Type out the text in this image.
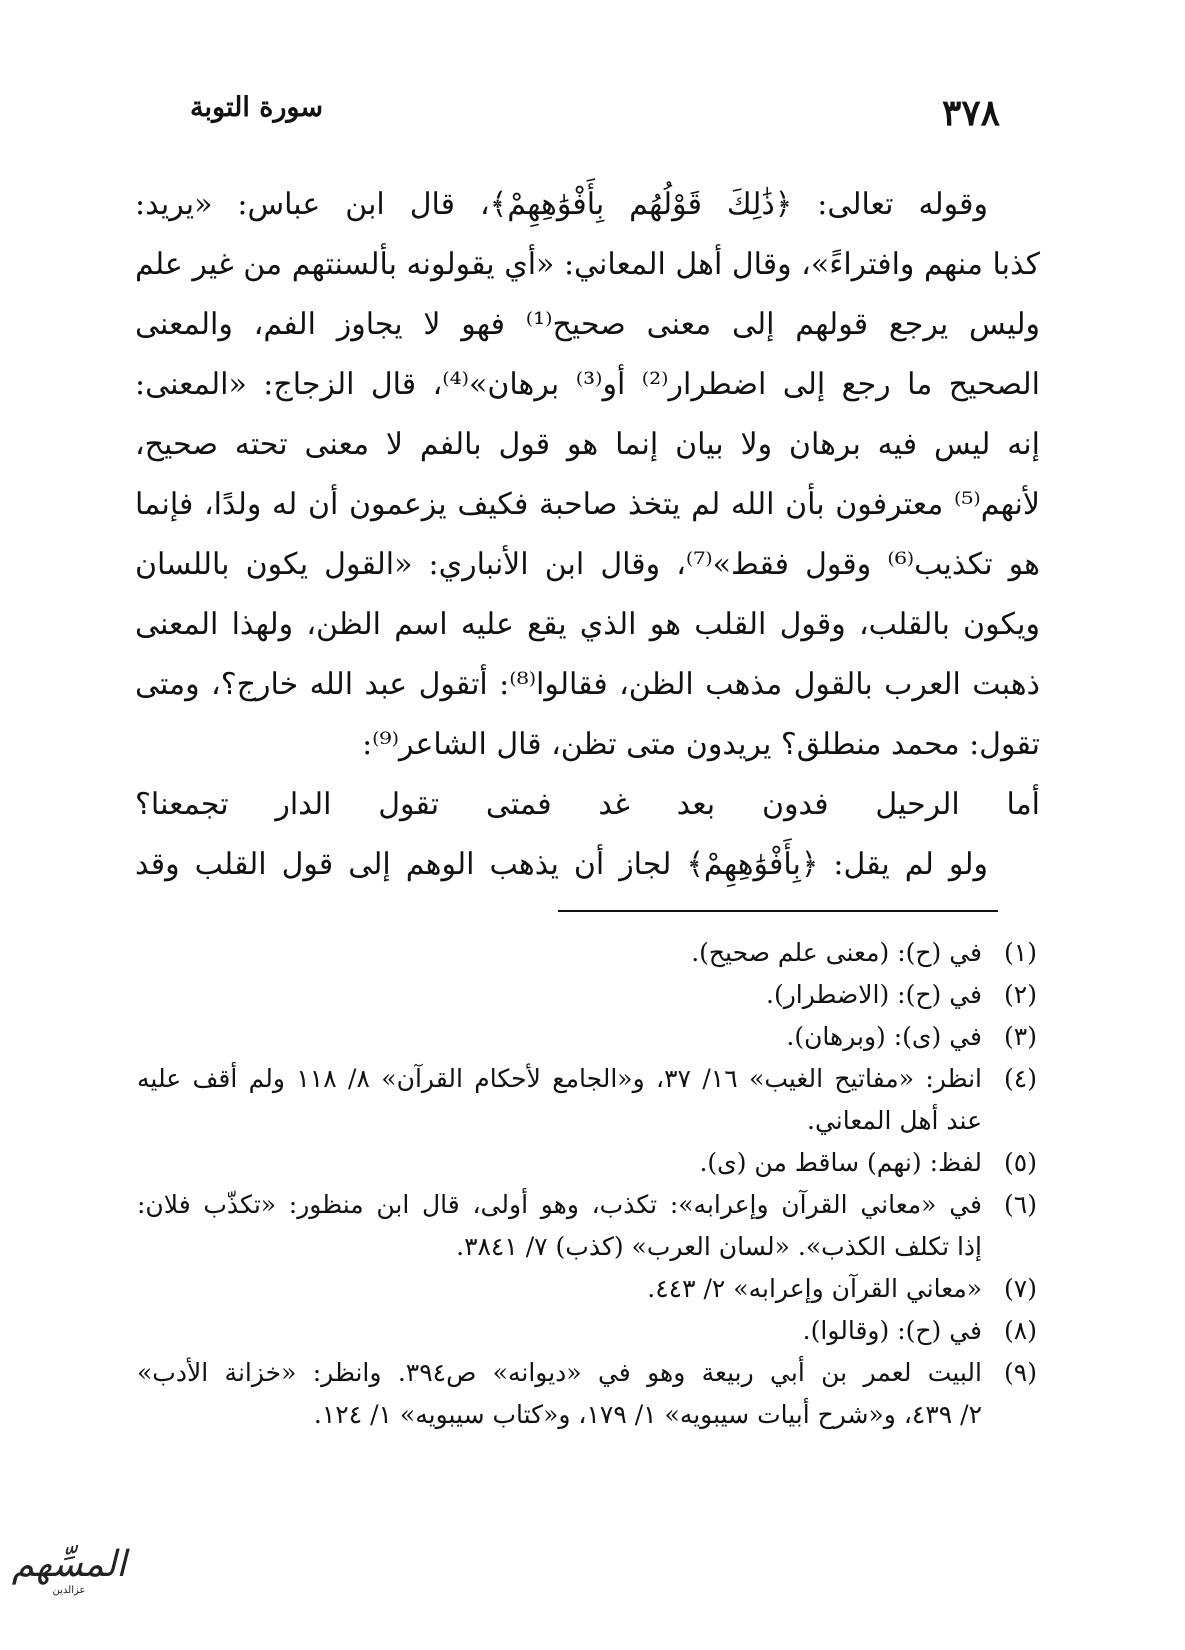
٣٧٨
سورة التوبة
وقوله تعالى: ﴿ذَٰلِكَ قَوْلُهُم بِأَفْوَٰهِهِمْ﴾، قال ابن عباس: «يريد:
كذبا منهم وافتراءً»، وقال أهل المعاني: «أي يقولونه بألسنتهم من غير علم
وليس يرجع قولهم إلى معنى صحيح⁽¹⁾ فهو لا يجاوز الفم، والمعنى
الصحيح ما رجع إلى اضطرار⁽²⁾ أو⁽³⁾ برهان»⁽⁴⁾، قال الزجاج: «المعنى:
إنه ليس فيه برهان ولا بيان إنما هو قول بالفم لا معنى تحته صحيح،
لأنهم⁽⁵⁾ معترفون بأن الله لم يتخذ صاحبة فكيف يزعمون أن له ولدًا، فإنما
هو تكذيب⁽⁶⁾ وقول فقط»⁽⁷⁾، وقال ابن الأنباري: «القول يكون باللسان
ويكون بالقلب، وقول القلب هو الذي يقع عليه اسم الظن، ولهذا المعنى
ذهبت العرب بالقول مذهب الظن، فقالوا⁽⁸⁾: أتقول عبد الله خارج؟، ومتى
تقول: محمد منطلق؟ يريدون متى تظن، قال الشاعر⁽⁹⁾:
أما الرحيل فدون بعد غد فمتى تقول الدار تجمعنا؟
ولو لم يقل: ﴿بِأَفْوَٰهِهِمْ﴾ لجاز أن يذهب الوهم إلى قول القلب وقد
(١)
في (ح): (معنى علم صحيح).
(٢)
في (ح): (الاضطرار).
(٣)
في (ى): (وبرهان).
(٤)
انظر: «مفاتيح الغيب» ١٦/ ٣٧، و«الجامع لأحكام القرآن» ٨/ ١١٨ ولم أقف عليه
عند أهل المعاني.
(٥)
لفظ: (نهم) ساقط من (ى).
(٦)
في «معاني القرآن وإعرابه»: تكذب، وهو أولى، قال ابن منظور: «تكذّب فلان:
إذا تكلف الكذب». «لسان العرب» (كذب) ٧/ ٣٨٤١.
(٧)
«معاني القرآن وإعرابه» ٢/ ٤٤٣.
(٨)
في (ح): (وقالوا).
(٩)
البيت لعمر بن أبي ربيعة وهو في «ديوانه» ص٣٩٤. وانظر: «خزانة الأدب»
٢/ ٤٣٩، و«شرح أبيات سيبويه» ١/ ١٧٩، و«كتاب سيبويه» ١/ ١٢٤.
المسِّهم
عزالدين
